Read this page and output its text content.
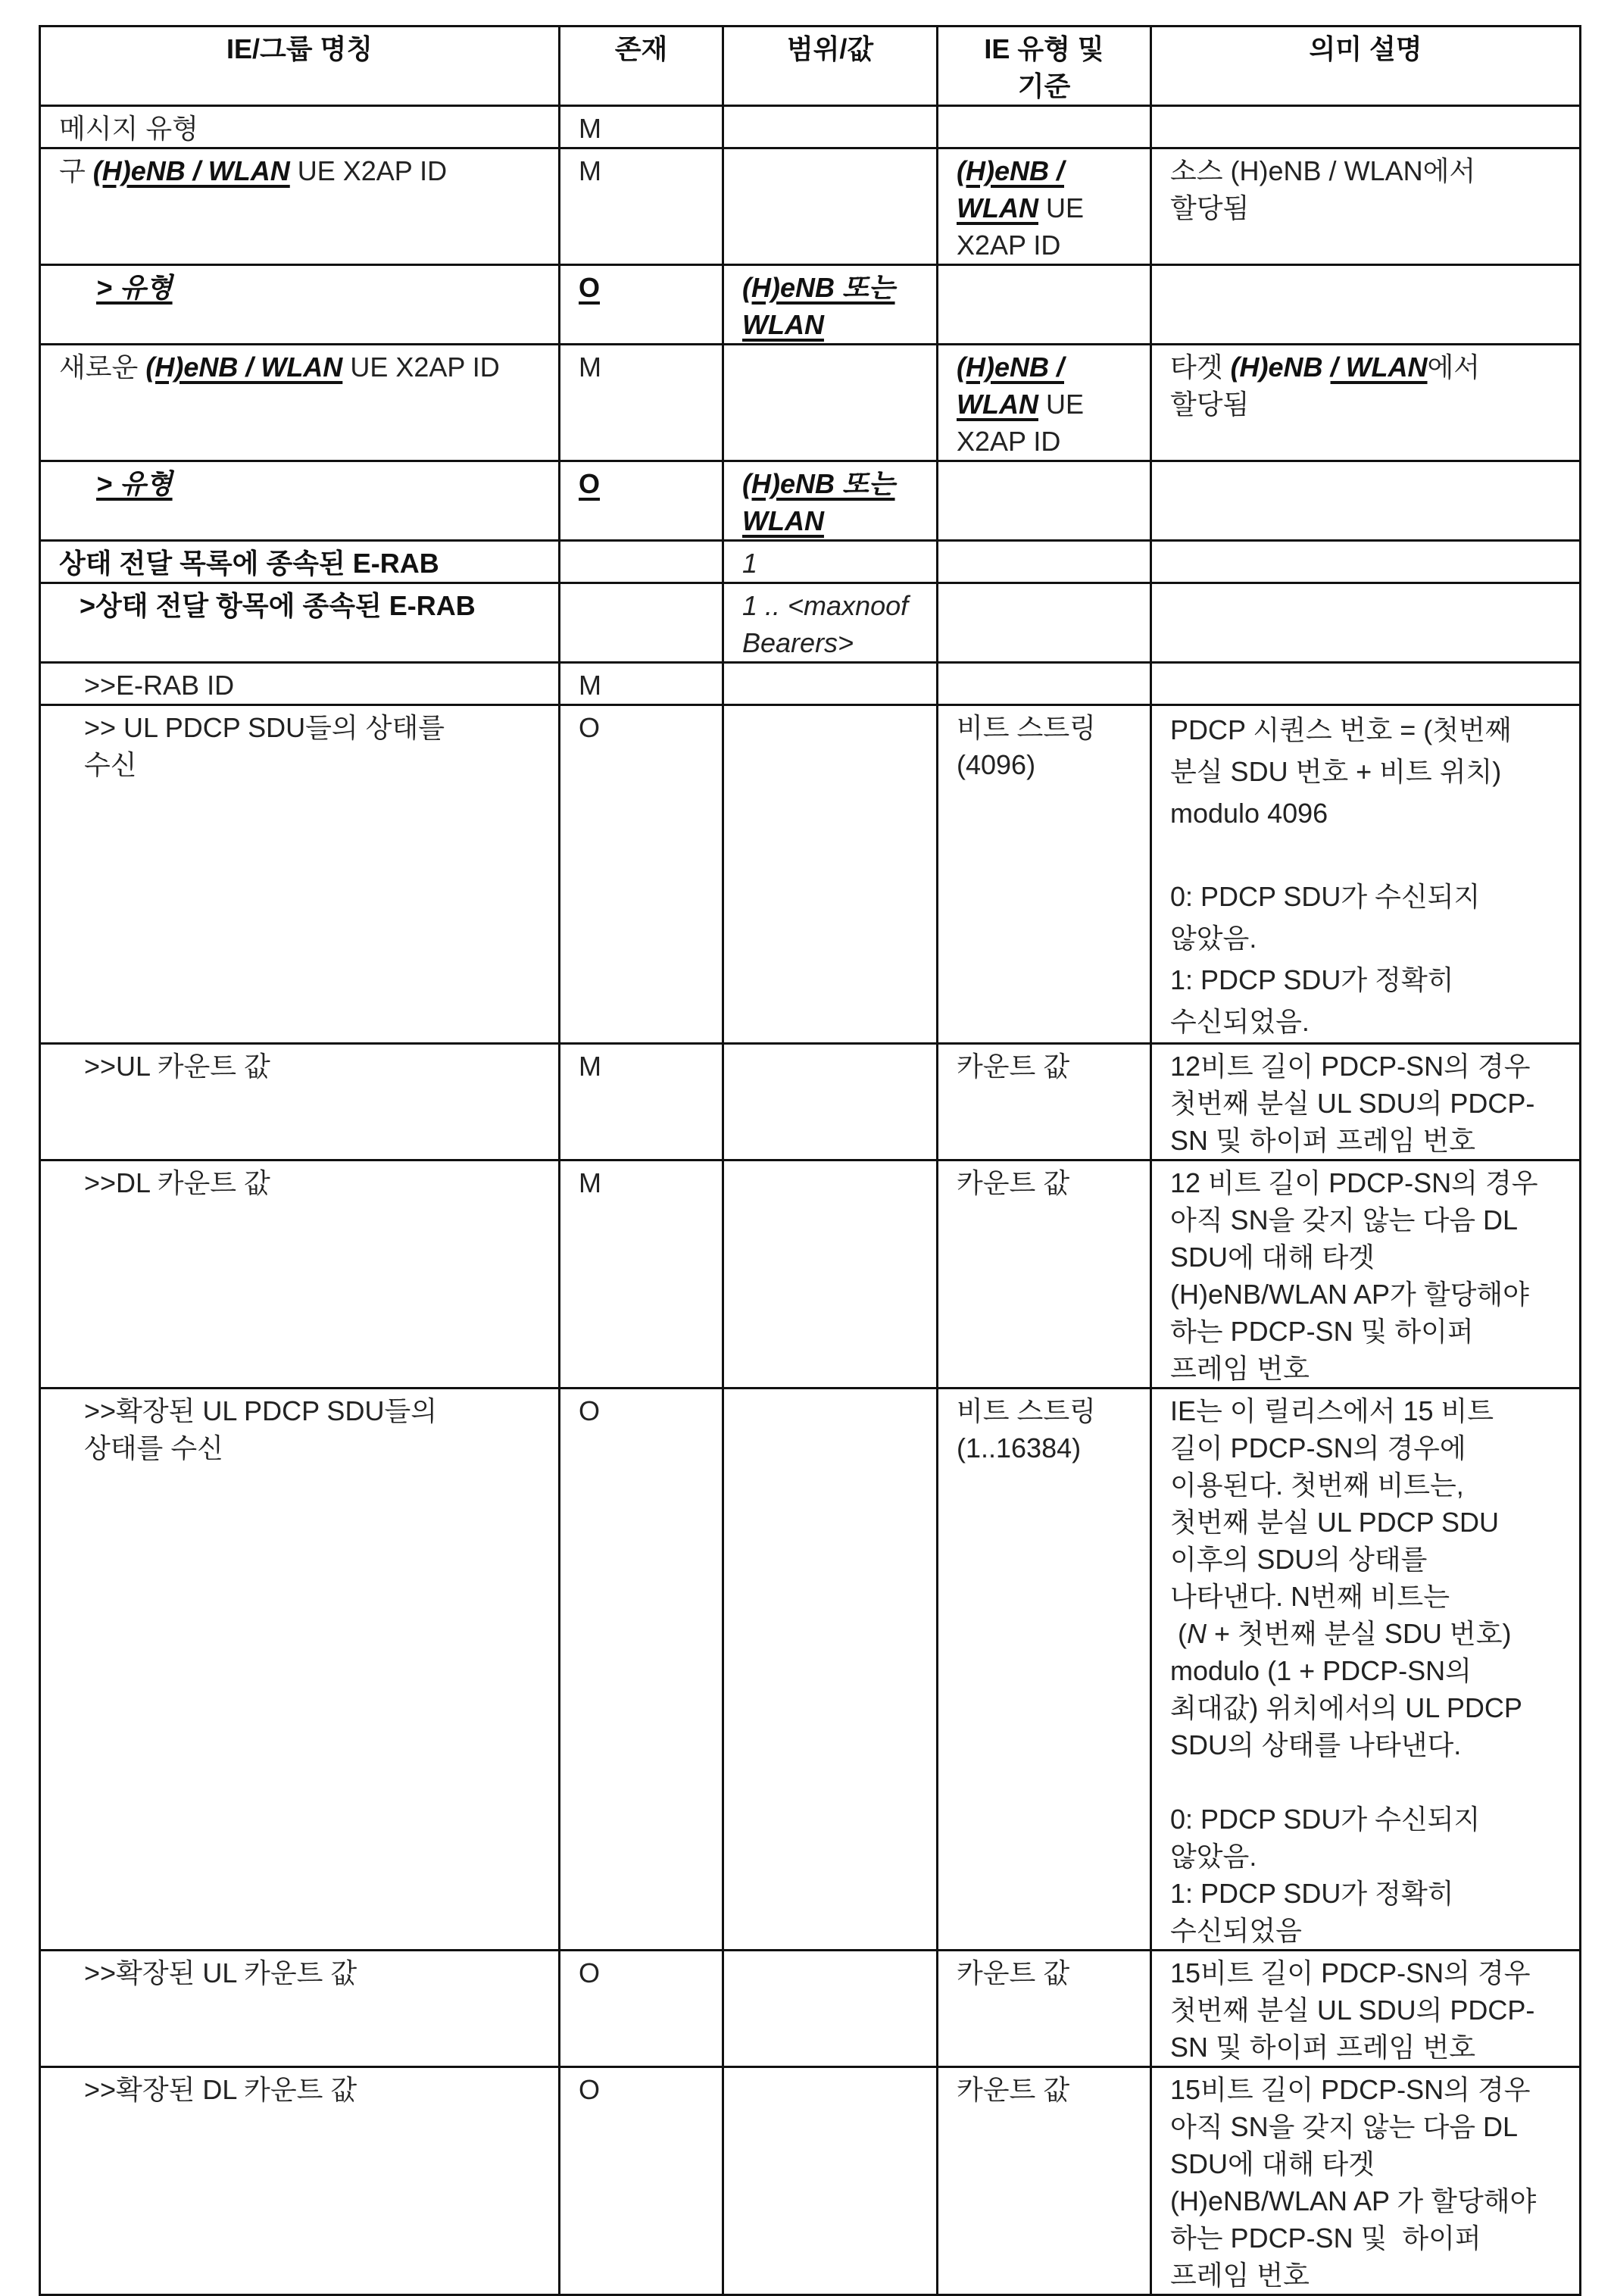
IE/그룹 명칭	존재	범위/값	IE 유형 및
기준	의미 설명
메시지 유형	M			
구 (H)eNB / WLAN UE X2AP ID	M		(H)eNB /
WLAN UE
X2AP ID	소스 (H)eNB / WLAN에서
할당됨
> 유형	O	(H)eNB 또는
WLAN		
새로운 (H)eNB / WLAN UE X2AP ID	M		(H)eNB /
WLAN UE
X2AP ID	타겟 (H)eNB / WLAN에서
할당됨
> 유형	O	(H)eNB 또는
WLAN		
상태 전달 목록에 종속된 E-RAB		1		
>상태 전달 항목에 종속된 E-RAB		1 .. <maxnoof
Bearers>		
>>E-RAB ID	M			
>> UL PDCP SDU들의 상태를
수신	O		비트 스트링
(4096)	PDCP 시퀀스 번호 = (첫번째
분실 SDU 번호 + 비트 위치)
modulo 4096

0: PDCP SDU가 수신되지
않았음.
1: PDCP SDU가 정확히
수신되었음.
>>UL 카운트 값	M		카운트 값	12비트 길이 PDCP-SN의 경우
첫번째 분실 UL SDU의 PDCP-
SN 및 하이퍼 프레임 번호
>>DL 카운트 값	M		카운트 값	12 비트 길이 PDCP-SN의 경우
아직 SN을 갖지 않는 다음 DL
SDU에 대해 타겟
(H)eNB/WLAN AP가 할당해야
하는 PDCP-SN 및 하이퍼
프레임 번호
>>확장된 UL PDCP SDU들의
상태를 수신	O		비트 스트링
(1..16384)	IE는 이 릴리스에서 15 비트
길이 PDCP-SN의 경우에
이용된다. 첫번째 비트는,
첫번째 분실 UL PDCP SDU
이후의 SDU의 상태를
나타낸다. N번째 비트는
(N + 첫번째 분실 SDU 번호)
modulo (1 + PDCP-SN의
최대값) 위치에서의 UL PDCP
SDU의 상태를 나타낸다.

0: PDCP SDU가 수신되지
않았음.
1: PDCP SDU가 정확히
수신되었음
>>확장된 UL 카운트 값	O		카운트 값	15비트 길이 PDCP-SN의 경우
첫번째 분실 UL SDU의 PDCP-
SN 및 하이퍼 프레임 번호
>>확장된 DL 카운트 값	O		카운트 값	15비트 길이 PDCP-SN의 경우
아직 SN을 갖지 않는 다음 DL
SDU에 대해 타겟
(H)eNB/WLAN AP 가 할당해야
하는 PDCP-SN 및  하이퍼
프레임 번호
